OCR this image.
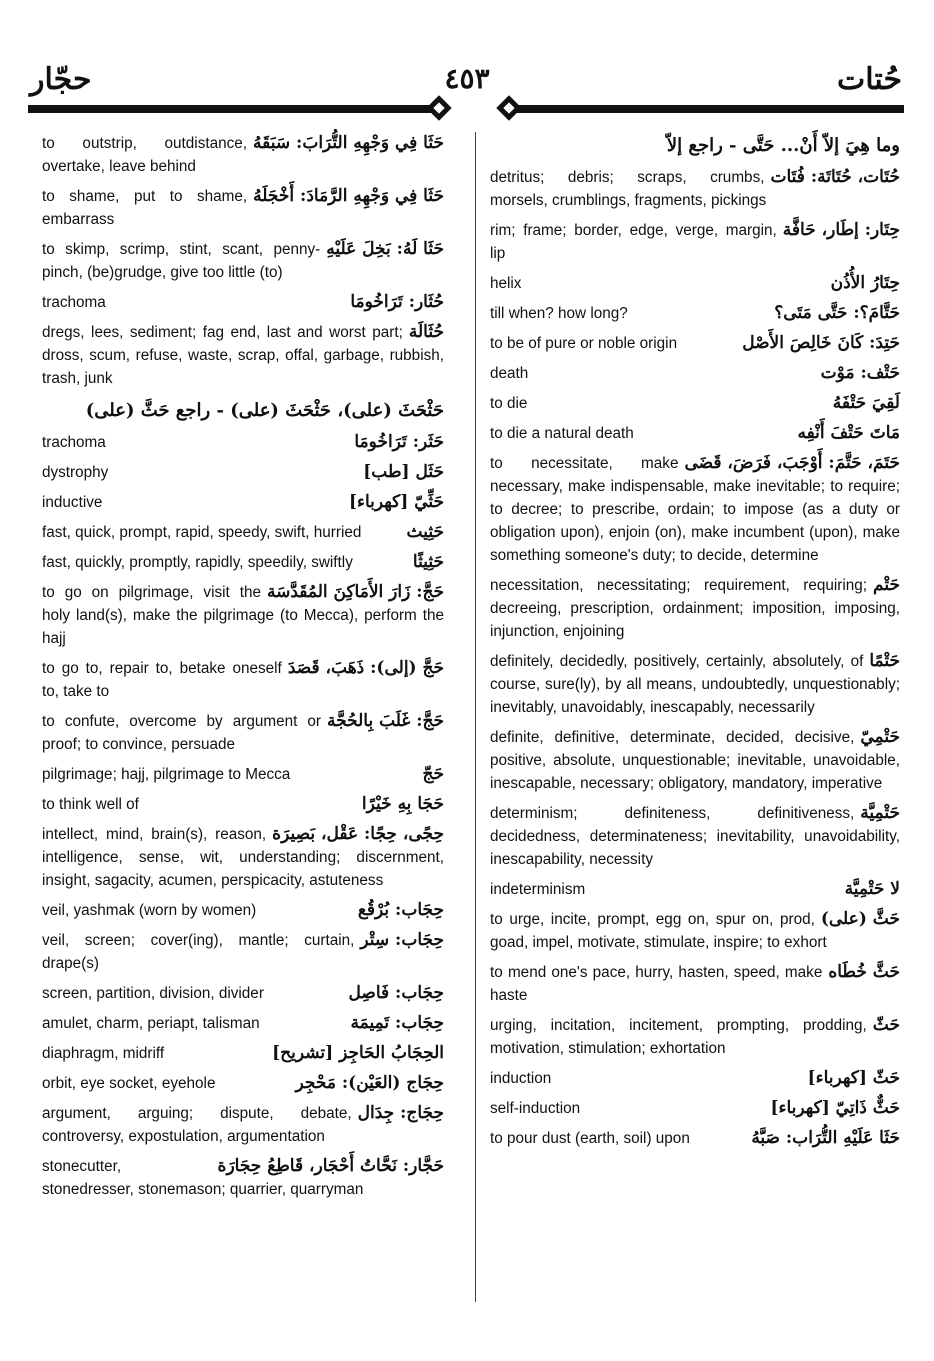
حجّار	٤٥٣	حُتات
حَثَا فِي وَجْهِهِ التُّرَابَ: سَبَقَهُ
to outstrip, outdistance, overtake, leave behind
حَثَا فِي وَجْهِهِ الرَّمَادَ: أَخْجَلَهُ
to shame, put to shame, embarrass
حَثَا لَهُ: بَخِلَ عَلَيْهِ
to skimp, scrimp, stint, scant, penny-pinch, (be)grudge, give too little (to)
حُثَار: تَرَاخُومَا
trachoma
حُثَالَة
dregs, lees, sediment; fag end, last and worst part; dross, scum, refuse, waste, scrap, offal, garbage, rubbish, trash, junk
حَثْحَثَ (على)، حَثْحَثَ (على) - راجع حَثَّ (على)
حَثَر: تَرَاخُومَا
trachoma
حَثَل [طب]
dystrophy
حَثِّيّ [كهرباء]
inductive
حَثِيث
fast, quick, prompt, rapid, speedy, swift, hurried
حَثِيثًا
fast, quickly, promptly, rapidly, speedily, swiftly
حَجَّ: زَارَ الأَمَاكِنَ المُقَدَّسَة
to go on pilgrimage, visit the holy land(s), make the pilgrimage (to Mecca), perform the hajj
حَجَّ (إلى): ذَهَبَ، قَصَدَ
to go to, repair to, betake oneself to, take to
حَجَّ: غَلَبَ بِالحُجَّة
to confute, overcome by argument or proof; to convince, persuade
حَجّ
pilgrimage; hajj, pilgrimage to Mecca
حَجَا بِهِ خَيْرًا
to think well of
حِجًى، حِجًا: عَقْل، بَصِيرَة
intellect, mind, brain(s), reason, intelligence, sense, wit, understanding; discernment, insight, sagacity, acumen, perspicacity, astuteness
حِجَاب: بُرْقُع
veil, yashmak (worn by women)
حِجَاب: سِتْر
veil, screen; cover(ing), mantle; curtain, drape(s)
حِجَاب: فَاصِل
screen, partition, division, divider
حِجَاب: تَمِيمَة
amulet, charm, periapt, talisman
الحِجَابُ الحَاجِز [تشريح]
diaphragm, midriff
حِجَاج (العَيْن): مَحْجِر
orbit, eye socket, eyehole
حِجَاج: جِدَال
argument, arguing; dispute, debate, controversy, expostulation, argumentation
حَجَّار: نَحَّاتُ أَحْجَار، قَاطِعُ حِجَارَة
stonecutter, stonedresser, stonemason; quarrier, quarryman
وما هِيَ إلاّ أَنْ... حَتَّى - راجع إلاّ
حُتَات، حُتَاتَة: فُتَات
detritus; debris; scraps, crumbs, morsels, crumblings, fragments, pickings
حِتَار: إطَار، حَافَّة
rim; frame; border, edge, verge, margin, lip
حِتَارُ الأُذُن
helix
حَتَّامَ؟: حَتَّى مَتَى؟
till when? how long?
حَتِدَ: كَانَ خَالِصَ الأَصْل
to be of pure or noble origin
حَتْف: مَوْت
death
لَقِيَ حَتْفَهُ
to die
مَاتَ حَتْفَ أَنْفِه
to die a natural death
حَتَمَ، حَتَّمَ: أَوْجَبَ، فَرَضَ، قَضَى
to necessitate, make necessary, make indispensable, make inevitable; to require; to decree; to prescribe, ordain; to impose (as a duty or obligation upon), enjoin (on), make incumbent (upon), make something someone's duty; to decide, determine
حَتْم
necessitation, necessitating; requirement, requiring; decreeing, prescription, ordainment; imposition, imposing, injunction, enjoining
حَتْمًا
definitely, decidedly, positively, certainly, absolutely, of course, sure(ly), by all means, undoubtedly, unquestionably; inevitably, unavoidably, inescapably, necessarily
حَتْمِيّ
definite, definitive, determinate, decided, decisive, positive, absolute, unquestionable; inevitable, unavoidable, inescapable, necessary; obligatory, mandatory, imperative
حَتْمِيَّة
determinism; definiteness, definitiveness, decidedness, determinateness; inevitability, unavoidability, inescapability, necessity
لا حَتْمِيَّة
indeterminism
حَثَّ (على)
to urge, incite, prompt, egg on, spur on, prod, goad, impel, motivate, stimulate, inspire; to exhort
حَثَّ خُطَاه
to mend one's pace, hurry, hasten, speed, make haste
حَثّ
urging, incitation, incitement, prompting, prodding, motivation, stimulation; exhortation
حَثّ [كهرباء]
induction
حَثٌّ ذَاتِيّ [كهرباء]
self-induction
حَثَا عَلَيْهِ التُّرَاب: صَبَّهُ
to pour dust (earth, soil) upon
